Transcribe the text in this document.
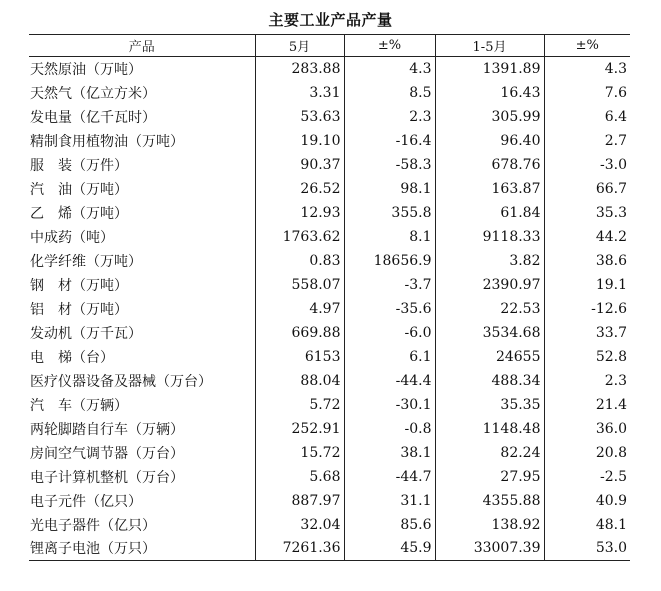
主要工业产品产量
产品	5月	±%	1-5月	±%
天然原油（万吨）	283.88	4.3	1391.89	4.3
天然气（亿立方米）	3.31	8.5	16.43	7.6
发电量（亿千瓦时）	53.63	2.3	305.99	6.4
精制食用植物油（万吨）	19.10	-16.4	96.40	2.7
服　装（万件）	90.37	-58.3	678.76	-3.0
汽　油（万吨）	26.52	98.1	163.87	66.7
乙　烯（万吨）	12.93	355.8	61.84	35.3
中成药（吨）	1763.62	8.1	9118.33	44.2
化学纤维（万吨）	0.83	18656.9	3.82	38.6
钢　材（万吨）	558.07	-3.7	2390.97	19.1
铝　材（万吨）	4.97	-35.6	22.53	-12.6
发动机（万千瓦）	669.88	-6.0	3534.68	33.7
电　梯（台）	6153	6.1	24655	52.8
医疗仪器设备及器械（万台）	88.04	-44.4	488.34	2.3
汽　车（万辆）	5.72	-30.1	35.35	21.4
两轮脚踏自行车（万辆）	252.91	-0.8	1148.48	36.0
房间空气调节器（万台）	15.72	38.1	82.24	20.8
电子计算机整机（万台）	5.68	-44.7	27.95	-2.5
电子元件（亿只）	887.97	31.1	4355.88	40.9
光电子器件（亿只）	32.04	85.6	138.92	48.1
锂离子电池（万只）	7261.36	45.9	33007.39	53.0
